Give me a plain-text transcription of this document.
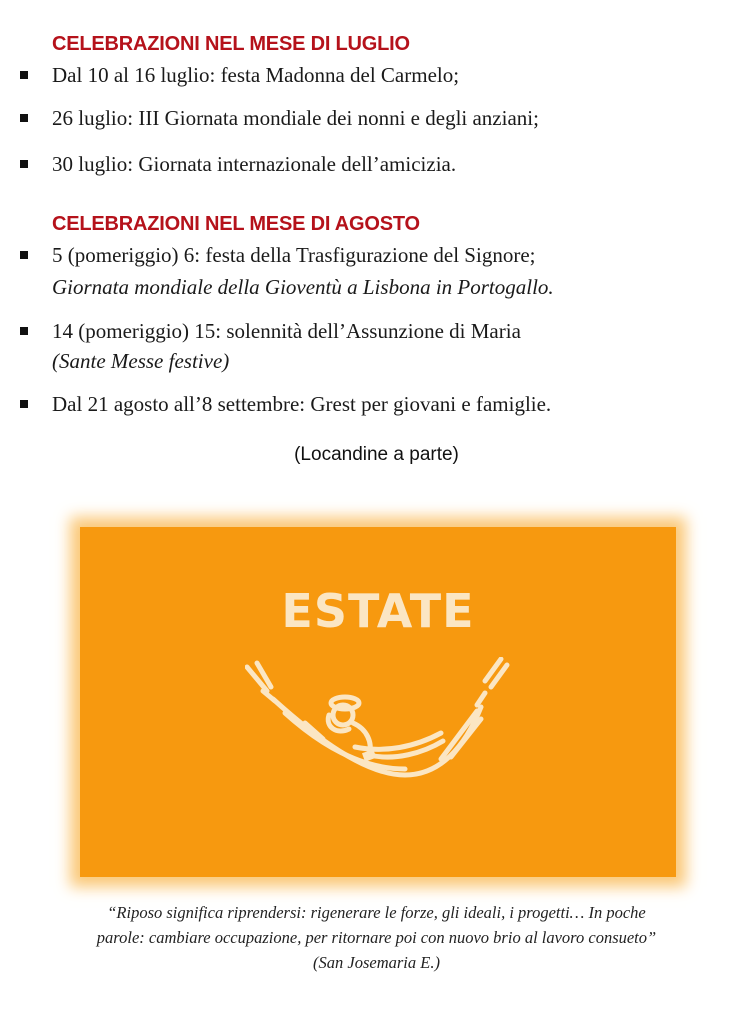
CELEBRAZIONI NEL MESE DI LUGLIO
Dal 10 al 16 luglio: festa Madonna del Carmelo;
26 luglio: III Giornata mondiale dei nonni e degli anziani;
30 luglio: Giornata internazionale dell’amicizia.
CELEBRAZIONI NEL MESE DI AGOSTO
5 (pomeriggio) 6: festa della Trasfigurazione del Signore;
Giornata mondiale della Gioventù a Lisbona in Portogallo.
14 (pomeriggio) 15: solennità dell’Assunzione di Maria
(Sante Messe festive)
Dal 21 agosto all’8 settembre: Grest per giovani e famiglie.
(Locandine a parte)
ESTATE
“Riposo significa riprendersi: rigenerare le forze, gli ideali, i progetti… In poche
parole: cambiare occupazione, per ritornare poi con nuovo brio al lavoro consueto”
(San Josemaria E.)
